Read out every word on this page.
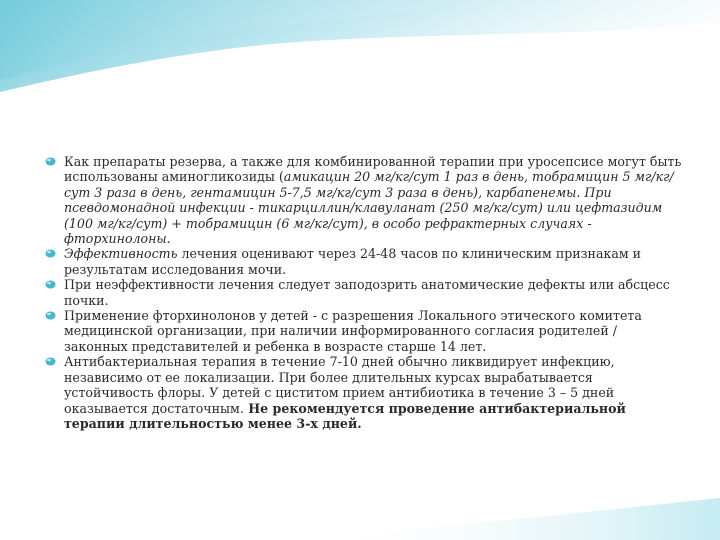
Как препараты резерва, а также для комбинированной терапии при уросепсисе могут быть использованы аминогликозиды (амикацин 20 мг/кг/сут 1 раз в день, тобрамицин 5 мг/кг/сут 3 раза в день, гентамицин 5-7,5 мг/кг/сут 3 раза в день), карбапенемы. При псевдомонадной инфекции - тикарциллин/клавуланат (250 мг/кг/сут) или цефтазидим (100 мг/кг/сут) + тобрамицин (6 мг/кг/сут), в особо рефрактерных случаях - фторхинолоны.
Эффективность лечения оценивают через 24-48 часов по клиническим признакам и результатам исследования мочи.
При неэффективности лечения следует заподозрить анатомические дефекты или абсцесс почки.
Применение фторхинолонов у детей - с разрешения Локального этического комитета медицинской организации, при наличии информированного согласия родителей / законных представителей и ребенка в возрасте старше 14 лет.
Антибактериальная терапия в течение 7-10 дней обычно ликвидирует инфекцию, независимо от ее локализации. При более длительных курсах вырабатывается устойчивость флоры. У детей с циститом прием антибиотика в течение 3 – 5 дней оказывается достаточным. Не рекомендуется проведение антибактериальной терапии длительностью менее 3-х дней.
